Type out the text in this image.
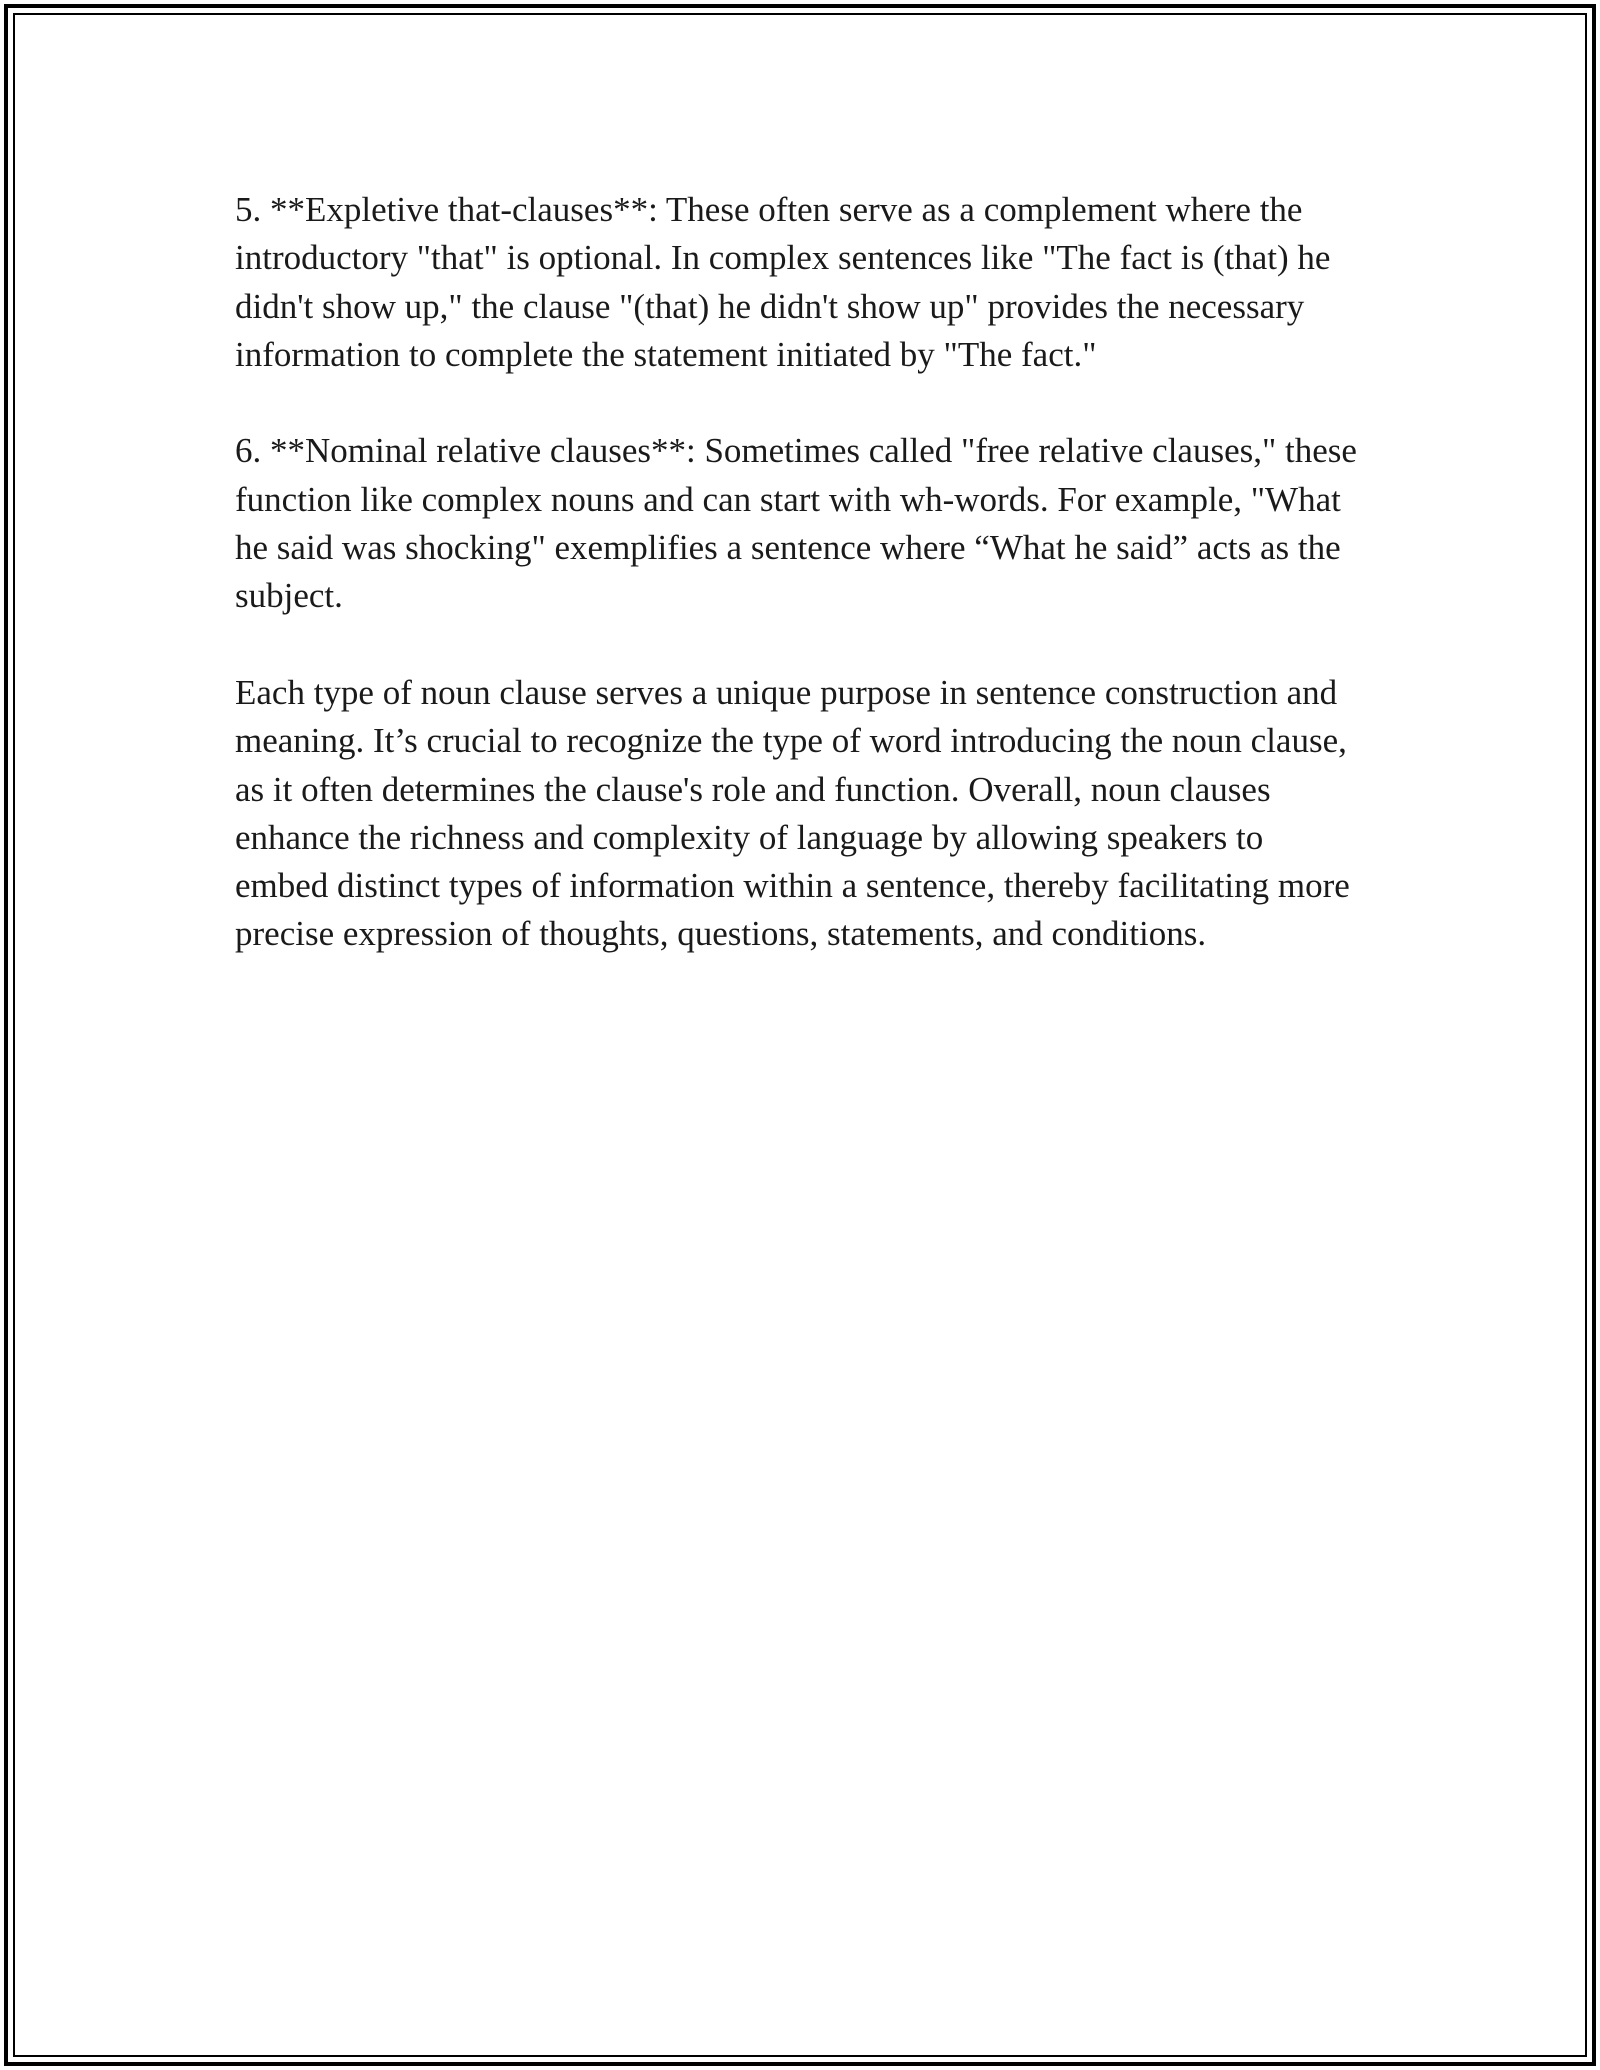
5. **Expletive that-clauses**: These often serve as a complement where the introductory "that" is optional. In complex sentences like "The fact is (that) he didn't show up," the clause "(that) he didn't show up" provides the necessary information to complete the statement initiated by "The fact."

6. **Nominal relative clauses**: Sometimes called "free relative clauses," these function like complex nouns and can start with wh-words. For example, "What he said was shocking" exemplifies a sentence where “What he said” acts as the subject.

Each type of noun clause serves a unique purpose in sentence construction and meaning. It’s crucial to recognize the type of word introducing the noun clause, as it often determines the clause's role and function. Overall, noun clauses enhance the richness and complexity of language by allowing speakers to embed distinct types of information within a sentence, thereby facilitating more precise expression of thoughts, questions, statements, and conditions.
